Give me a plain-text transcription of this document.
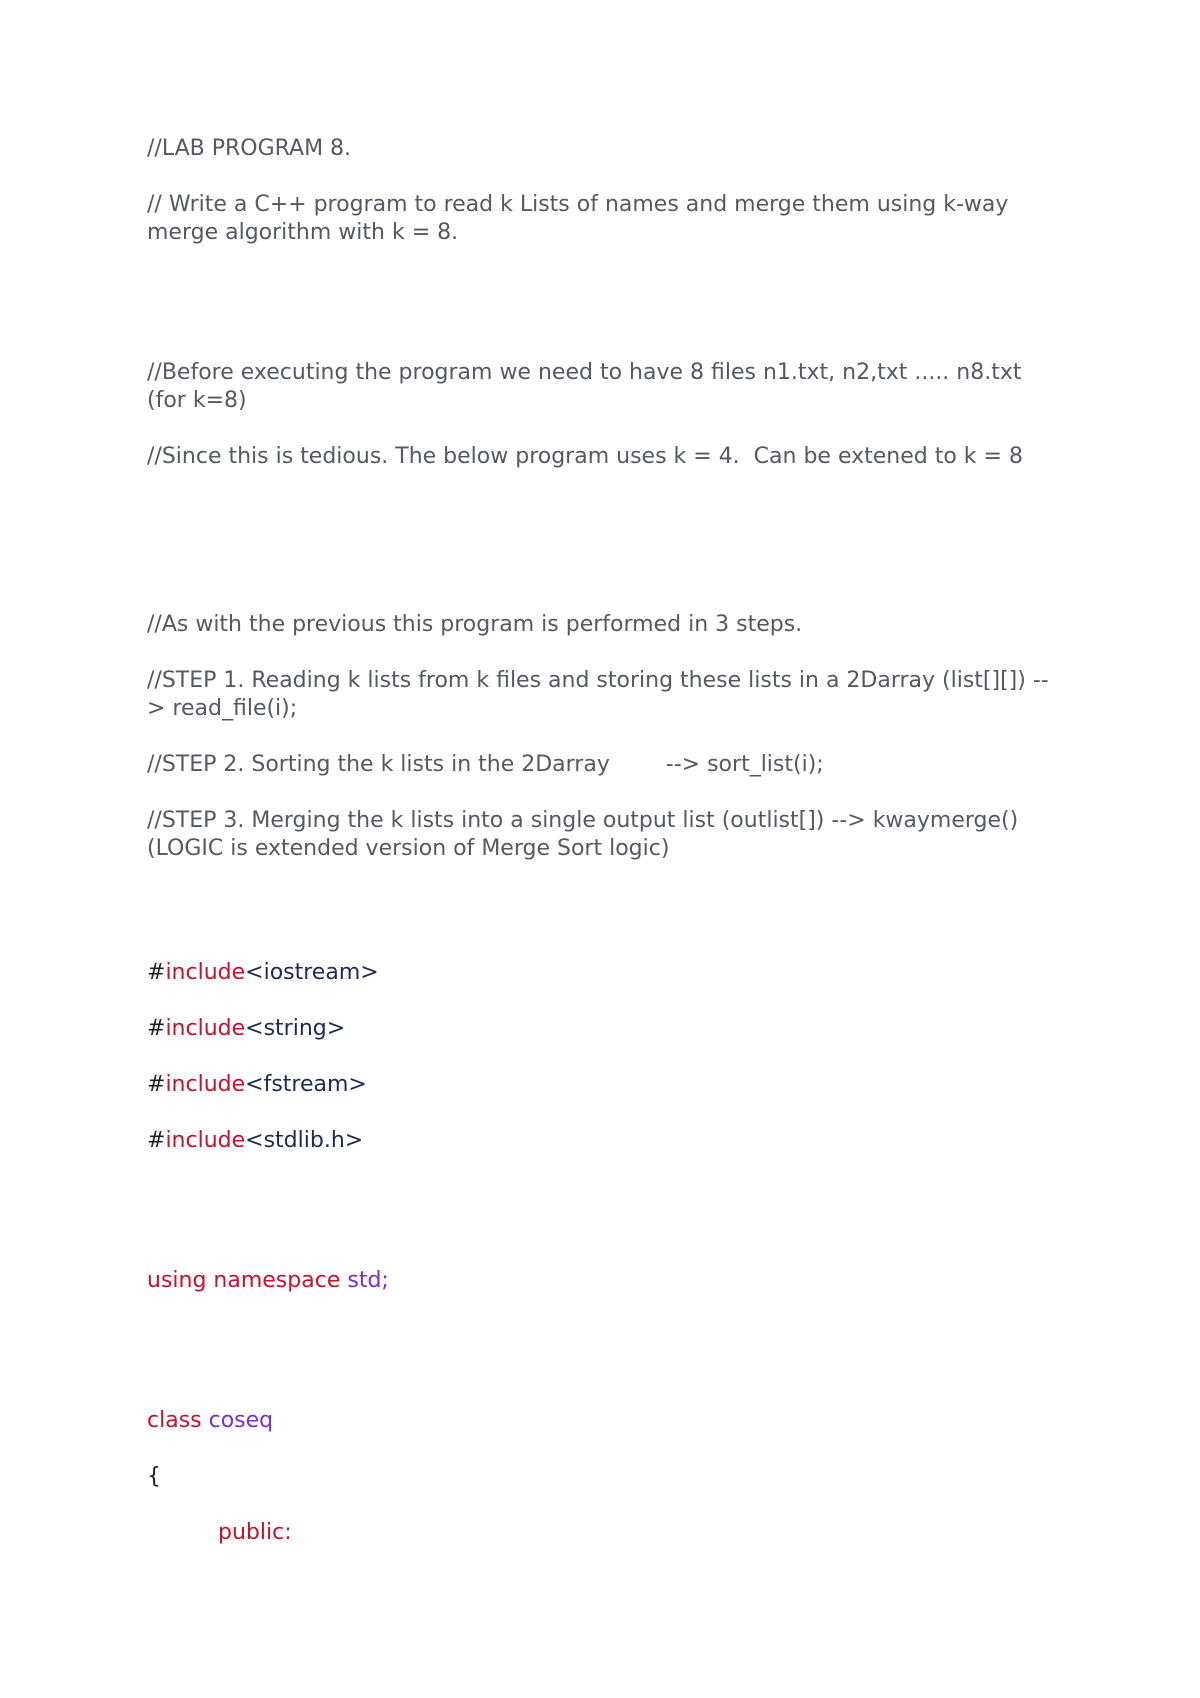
//LAB PROGRAM 8.

// Write a C++ program to read k Lists of names and merge them using k-way merge algorithm with k = 8.

//Before executing the program we need to have 8 files n1.txt, n2,txt ..... n8.txt (for k=8)

//Since this is tedious. The below program uses k = 4.  Can be extened to k = 8

//As with the previous this program is performed in 3 steps.

//STEP 1. Reading k lists from k files and storing these lists in a 2Darray (list[][]) --> read_file(i);

//STEP 2. Sorting the k lists in the 2Darray        --> sort_list(i);

//STEP 3. Merging the k lists into a single output list (outlist[]) --> kwaymerge() (LOGIC is extended version of Merge Sort logic)

#include<iostream>

#include<string>

#include<fstream>

#include<stdlib.h>

using namespace std;

class coseq

{

public:
